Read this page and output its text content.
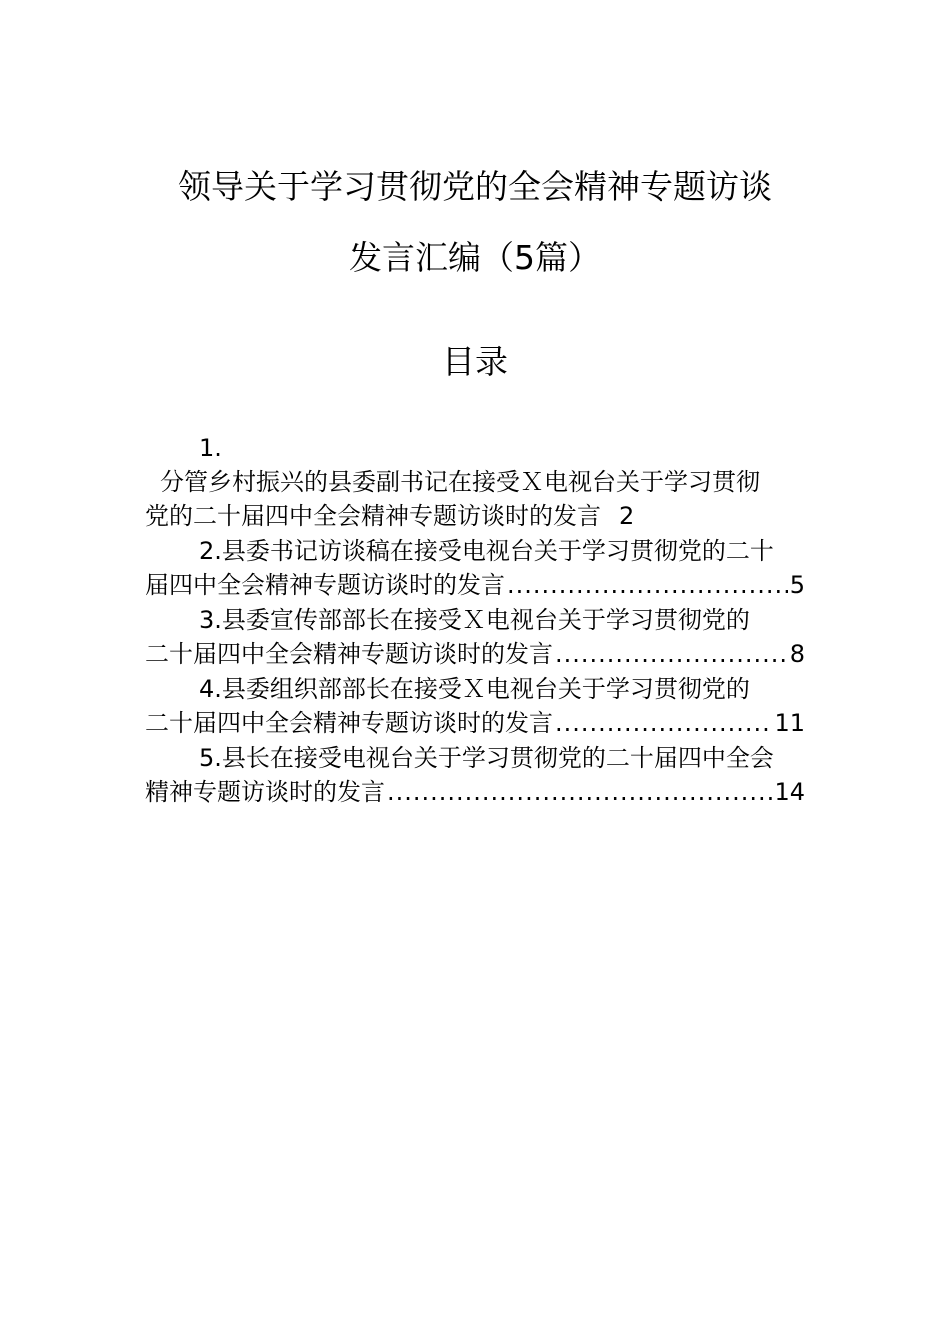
领导关于学习贯彻党的全会精神专题访谈
发言汇编（5篇）
目录
1.
分管乡村振兴的县委副书记在接受Ｘ电视台关于学习贯彻
党的二十届四中全会精神专题访谈时的发言 2
2.县委书记访谈稿在接受电视台关于学习贯彻党的二十
届四中全会精神专题访谈时的发言 .....	5
3.县委宣传部部长在接受Ｘ电视台关于学习贯彻党的
二十届四中全会精神专题访谈时的发言 .....	8
4.县委组织部部长在接受Ｘ电视台关于学习贯彻党的
二十届四中全会精神专题访谈时的发言 .....	11
5.县长在接受电视台关于学习贯彻党的二十届四中全会
精神专题访谈时的发言 .....	14
